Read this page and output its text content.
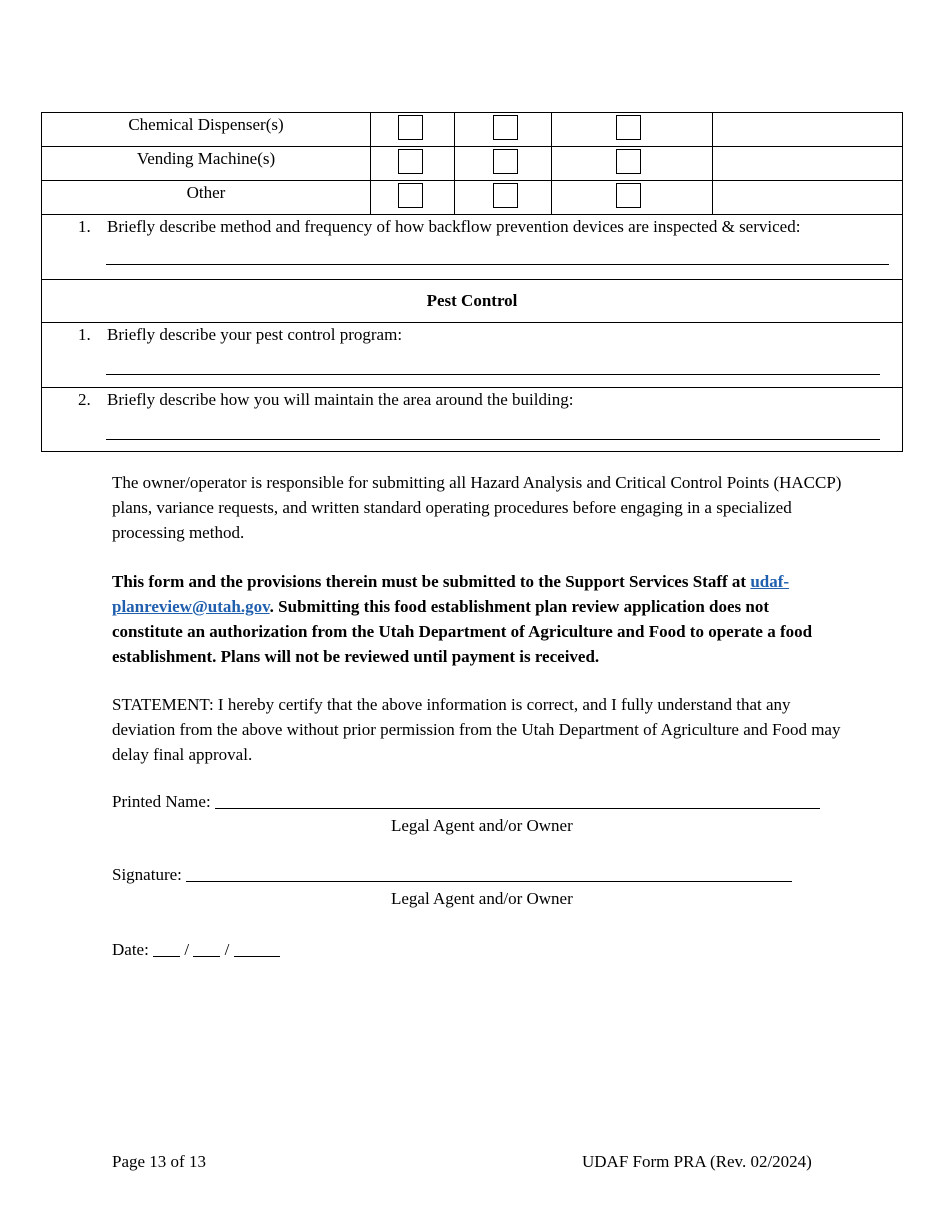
Chemical Dispenser(s)	

Vending Machine(s)	

Other	

1. Briefly describe method and frequency of how backflow prevention devices are inspected & serviced:				

Pest Control				

1. Briefly describe your pest control program:				

2. Briefly describe how you will maintain the area around the building:				

The owner/operator is responsible for submitting all Hazard Analysis and Critical Control Points (HACCP) plans, variance requests, and written standard operating procedures before engaging in a specialized processing method.

This form and the provisions therein must be submitted to the Support Services Staff at udaf-planreview@utah.gov. Submitting this food establishment plan review application does not constitute an authorization from the Utah Department of Agriculture and Food to operate a food establishment. Plans will not be reviewed until payment is received.

STATEMENT: I hereby certify that the above information is correct, and I fully understand that any deviation from the above without prior permission from the Utah Department of Agriculture and Food may delay final approval.

Printed Name:
Legal Agent and/or Owner
Signature:
Legal Agent and/or Owner
Date: / /
Page 13 of 13	UDAF Form PRA (Rev. 02/2024)
